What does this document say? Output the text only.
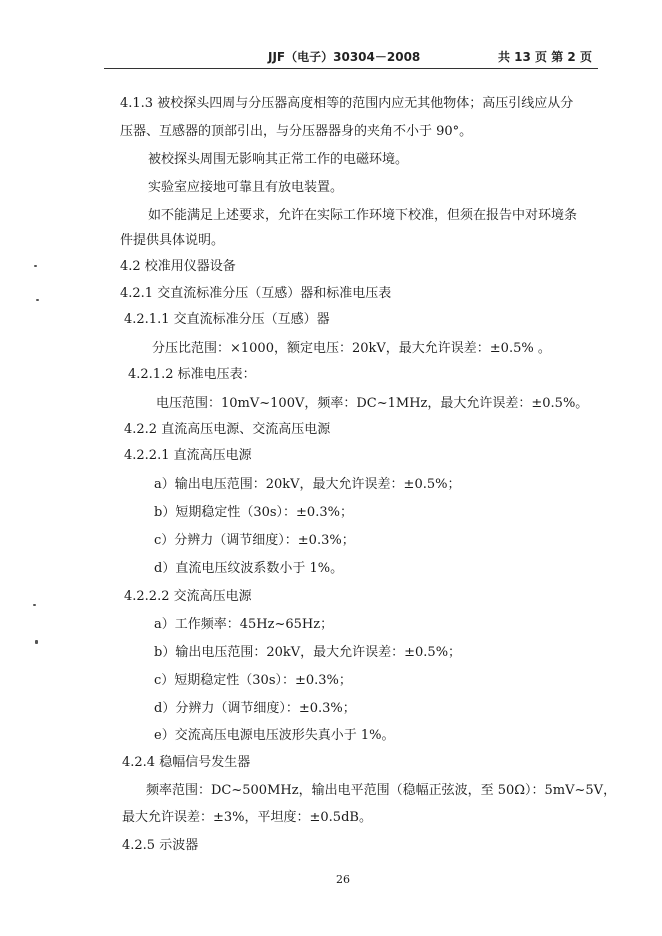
JJF（电子）30304－2008	共 13 页 第 2 页
4.1.3 被校探头四周与分压器高度相等的范围内应无其他物体；高压引线应从分
压器、互感器的顶部引出，与分压器器身的夹角不小于 90°。
被校探头周围无影响其正常工作的电磁环境。
实验室应接地可靠且有放电装置。
如不能满足上述要求，允许在实际工作环境下校准，但须在报告中对环境条
件提供具体说明。
4.2 校准用仪器设备
4.2.1 交直流标准分压（互感）器和标准电压表
4.2.1.1 交直流标准分压（互感）器
分压比范围：×1000，额定电压：20kV，最大允许误差：±0.5% 。
4.2.1.2 标准电压表：
电压范围：10mV~100V，频率：DC~1MHz，最大允许误差：±0.5%。
4.2.2 直流高压电源、交流高压电源
4.2.2.1 直流高压电源
a）输出电压范围：20kV，最大允许误差：±0.5%；
b）短期稳定性（30s）：±0.3%；
c）分辨力（调节细度）：±0.3%；
d）直流电压纹波系数小于 1%。
4.2.2.2 交流高压电源
a）工作频率：45Hz~65Hz；
b）输出电压范围：20kV，最大允许误差：±0.5%；
c）短期稳定性（30s）：±0.3%；
d）分辨力（调节细度）：±0.3%；
e）交流高压电源电压波形失真小于 1%。
4.2.4 稳幅信号发生器
频率范围：DC~500MHz，输出电平范围（稳幅正弦波，至 50Ω）：5mV~5V，
最大允许误差：±3%，平坦度：±0.5dB。
4.2.5 示波器
26
